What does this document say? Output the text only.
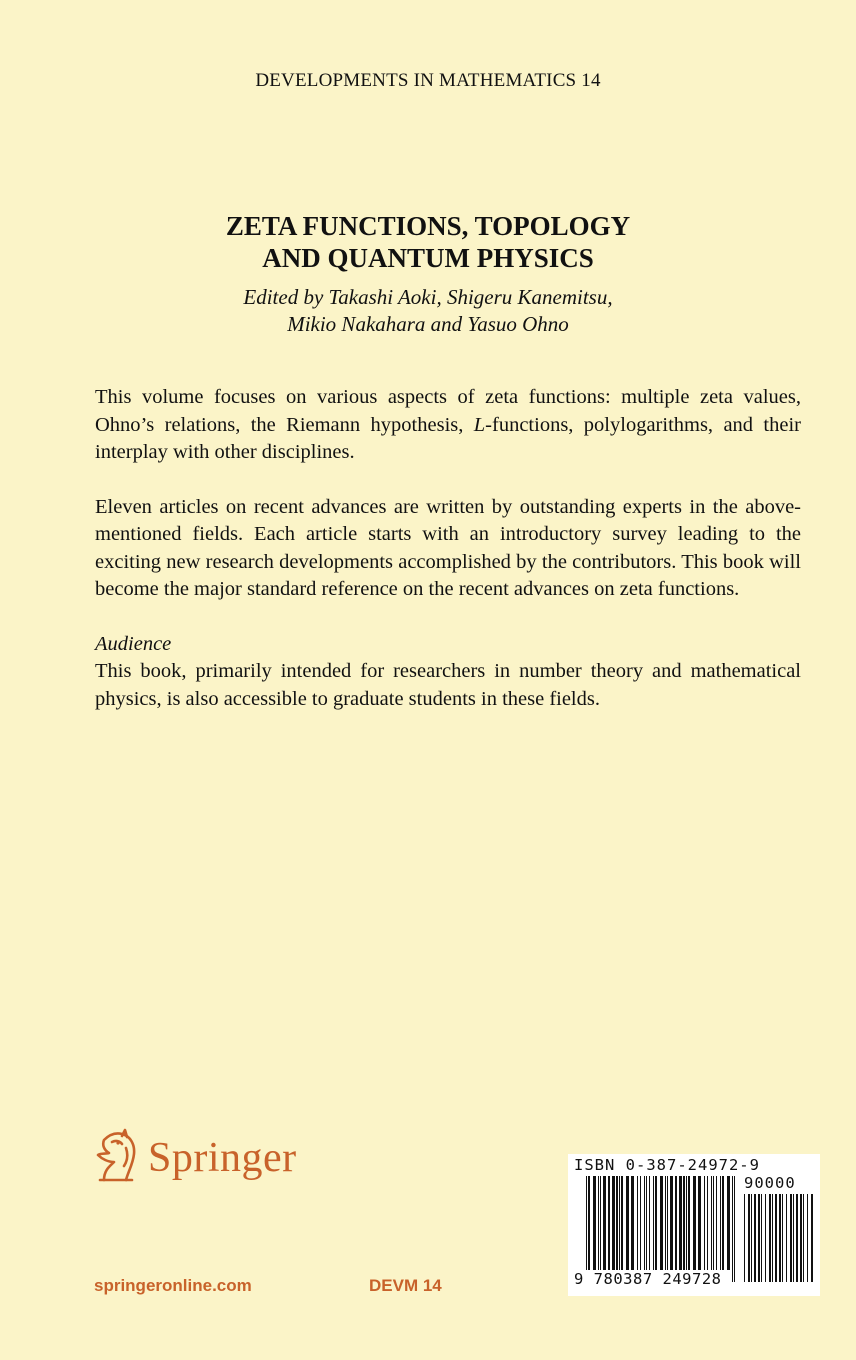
DEVELOPMENTS IN MATHEMATICS 14
ZETA FUNCTIONS, TOPOLOGY
AND QUANTUM PHYSICS
Edited by Takashi Aoki, Shigeru Kanemitsu,
Mikio Nakahara and Yasuo Ohno

This volume focuses on various aspects of zeta functions: multiple zeta values, Ohno’s relations, the Riemann hypothesis, L-functions, polylogarithms, and their interplay with other disciplines.

Eleven articles on recent advances are written by outstanding experts in the above-mentioned fields. Each article starts with an introductory survey leading to the exciting new research developments accomplished by the contributors. This book will become the major standard reference on the recent advances on zeta functions.

Audience

This book, primarily intended for researchers in number theory and mathematical physics, is also accessible to graduate students in these fields.

Springer
springeronline.com	DEVM 14
ISBN 0-387-24972-9
90000
9 780387 249728
